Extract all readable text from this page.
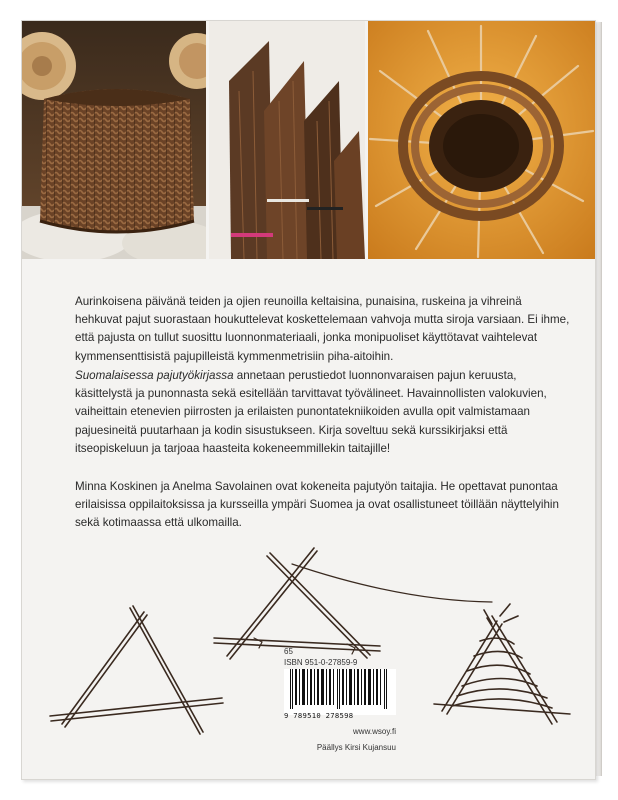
Aurinkoisena päivänä teiden ja ojien reunoilla keltaisina, punaisina, ruskeina ja vihreinä hehkuvat pajut suorastaan houkuttelevat koskettelemaan vahvoja mutta siroja varsiaan. Ei ihme, että pajusta on tullut suosittu luonnonmateriaali, jonka monipuoliset käyttötavat vaihtelevat kymmensenttisistä pajupilleistä kymmenmetrisiin piha-aitoihin.

Suomalaisessa pajutyökirjassa annetaan perustiedot luonnonvaraisen pajun keruusta, käsittelystä ja punonnasta sekä esitellään tarvittavat työvälineet. Havainnollisten valokuvien, vaiheittain etenevien piirrosten ja erilaisten punontatekniikoiden avulla opit valmistamaan pajuesineitä puutarhaan ja kodin sisustukseen. Kirja soveltuu sekä kurssikirjaksi että itseopiskeluun ja tarjoaa haasteita kokeneemmillekin taitajille!

Minna Koskinen ja Anelma Savolainen ovat kokeneita pajutyön taitajia. He opettavat punontaa erilaisissa oppilaitoksissa ja kursseilla ympäri Suomea ja ovat osallistuneet töillään näyttelyihin sekä kotimaassa että ulkomailla.

65
ISBN 951-0-27859-9
9 789510 278598
www.wsoy.fi
Päällys Kirsi Kujansuu
